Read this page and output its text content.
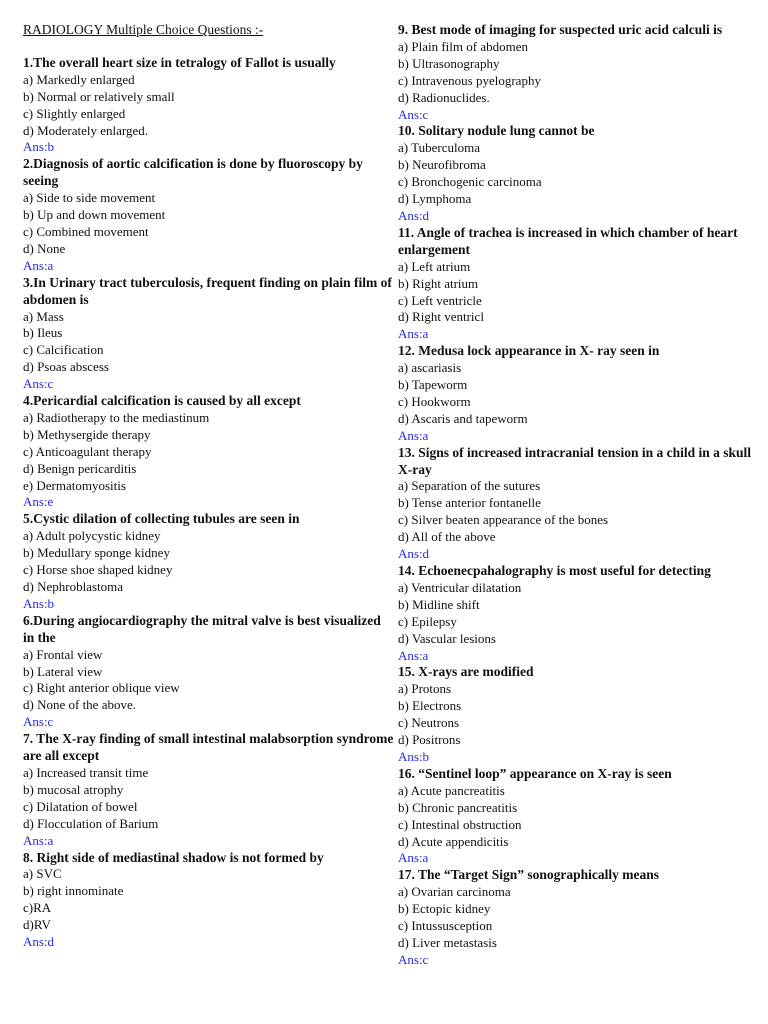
RADIOLOGY Multiple Choice Questions :-
1.The overall heart size in tetralogy of Fallot is usually
a) Markedly enlarged
b) Normal or relatively small
c) Slightly enlarged
d) Moderately enlarged.
Ans:b
2.Diagnosis of aortic calcification is done by fluoroscopy by seeing
a) Side to side movement
b) Up and down movement
c) Combined movement
d) None
Ans:a
3.In Urinary tract tuberculosis, frequent finding on plain film of abdomen is
a) Mass
b) Ileus
c) Calcification
d) Psoas abscess
Ans:c
4.Pericardial calcification is caused by all except
a) Radiotherapy to the mediastinum
b) Methysergide therapy
c) Anticoagulant therapy
d) Benign pericarditis
e) Dermatomyositis
Ans:e
5.Cystic dilation of collecting tubules are seen in
a) Adult polycystic kidney
b) Medullary sponge kidney
c) Horse shoe shaped kidney
d) Nephroblastoma
Ans:b
6.During angiocardiography the mitral valve is best visualized in the
a) Frontal view
b) Lateral view
c) Right anterior oblique view
d) None of the above.
Ans:c
7. The X-ray finding of small intestinal malabsorption syndrome are all except
a) Increased transit time
b) mucosal atrophy
c) Dilatation of bowel
d) Flocculation of Barium
Ans:a
8. Right side of mediastinal shadow is not formed by
a) SVC
b) right innominate
c)RA
d)RV
Ans:d
9. Best mode of imaging for suspected uric acid calculi is
a) Plain film of abdomen
b) Ultrasonography
c) Intravenous pyelography
d) Radionuclides.
Ans:c
10. Solitary nodule lung cannot be
a) Tuberculoma
b) Neurofibroma
c) Bronchogenic carcinoma
d) Lymphoma
Ans:d
11. Angle of trachea is increased in which chamber of heart enlargement
a) Left atrium
b) Right atrium
c) Left ventricle
d) Right ventricl
Ans:a
12. Medusa lock appearance in X- ray seen in
a) ascariasis
b) Tapeworm
c) Hookworm
d) Ascaris and tapeworm
Ans:a
13. Signs of increased intracranial tension in a child in a skull X-ray
a) Separation of the sutures
b) Tense anterior fontanelle
c) Silver beaten appearance of the bones
d) All of the above
Ans:d
14. Echoenecpahalography is most useful for detecting
a) Ventricular dilatation
b) Midline shift
c) Epilepsy
d) Vascular lesions
Ans:a
15. X-rays are modified
a) Protons
b) Electrons
c) Neutrons
d) Positrons
Ans:b
16. “Sentinel loop” appearance on X-ray is seen
a) Acute pancreatitis
b) Chronic pancreatitis
c) Intestinal obstruction
d) Acute appendicitis
Ans:a
17. The “Target Sign” sonographically means
a) Ovarian carcinoma
b) Ectopic kidney
c) Intussusception
d) Liver metastasis
Ans:c
